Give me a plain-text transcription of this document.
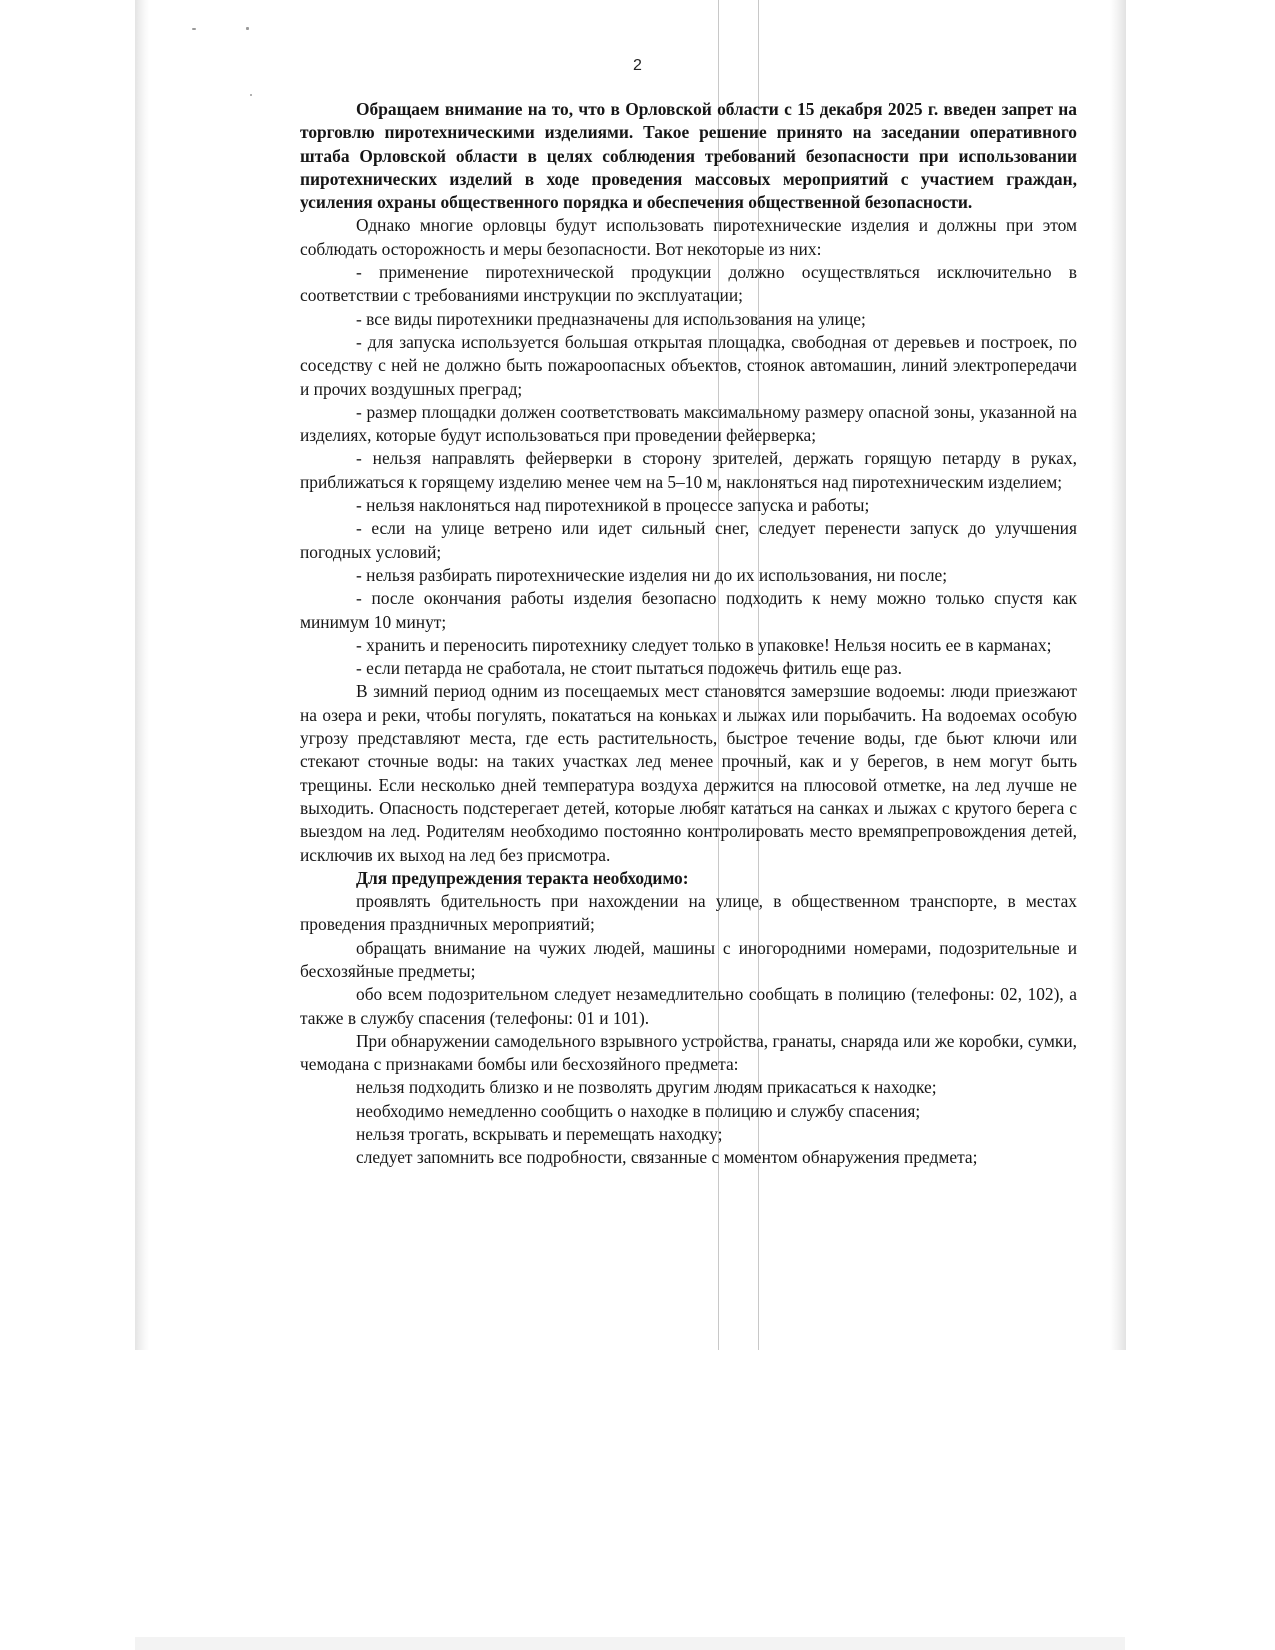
2

Обращаем внимание на то, что в Орловской области с 15 декабря 2025 г. введен запрет на торговлю пиротехническими изделиями. Такое решение принято на заседании оперативного штаба Орловской области в целях соблюдения требований безопасности при использовании пиротехнических изделий в ходе проведения массовых мероприятий с участием граждан, усиления охраны общественного порядка и обеспечения общественной безопасности.

Однако многие орловцы будут использовать пиротехнические изделия и должны при этом соблюдать осторожность и меры безопасности. Вот некоторые из них:

- применение пиротехнической продукции должно осуществляться исключительно в соответствии с требованиями инструкции по эксплуатации;

- все виды пиротехники предназначены для использования на улице;

- для запуска используется большая открытая площадка, свободная от деревьев и построек, по соседству с ней не должно быть пожароопасных объектов, стоянок автомашин, линий электропередачи и прочих воздушных преград;

- размер площадки должен соответствовать максимальному размеру опасной зоны, указанной на изделиях, которые будут использоваться при проведении фейерверка;

- нельзя направлять фейерверки в сторону зрителей, держать горящую петарду в руках, приближаться к горящему изделию менее чем на 5–10 м, наклоняться над пиротехническим изделием;

- нельзя наклоняться над пиротехникой в процессе запуска и работы;

- если на улице ветрено или идет сильный снег, следует перенести запуск до улучшения погодных условий;

- нельзя разбирать пиротехнические изделия ни до их использования, ни после;

- после окончания работы изделия безопасно подходить к нему можно только спустя как минимум 10 минут;

- хранить и переносить пиротехнику следует только в упаковке! Нельзя носить ее в карманах;

- если петарда не сработала, не стоит пытаться подожечь фитиль еще раз.

В зимний период одним из посещаемых мест становятся замерзшие водоемы: люди приезжают на озера и реки, чтобы погулять, покататься на коньках и лыжах или порыбачить. На водоемах особую угрозу представляют места, где есть растительность, быстрое течение воды, где бьют ключи или стекают сточные воды: на таких участках лед менее прочный, как и у берегов, в нем могут быть трещины. Если несколько дней температура воздуха держится на плюсовой отметке, на лед лучше не выходить. Опасность подстерегает детей, которые любят кататься на санках и лыжах с крутого берега с выездом на лед. Родителям необходимо постоянно контролировать место времяпрепровождения детей, исключив их выход на лед без присмотра.

Для предупреждения теракта необходимо:

проявлять бдительность при нахождении на улице, в общественном транспорте, в местах проведения праздничных мероприятий;

обращать внимание на чужих людей, машины с иногородними номерами, подозрительные и бесхозяйные предметы;

обо всем подозрительном следует незамедлительно сообщать в полицию (телефоны: 02, 102), а также в службу спасения (телефоны: 01 и 101).

При обнаружении самодельного взрывного устройства, гранаты, снаряда или же коробки, сумки, чемодана с признаками бомбы или бесхозяйного предмета:

нельзя подходить близко и не позволять другим людям прикасаться к находке;

необходимо немедленно сообщить о находке в полицию и службу спасения;

нельзя трогать, вскрывать и перемещать находку;

следует запомнить все подробности, связанные с моментом обнаружения предмета;
